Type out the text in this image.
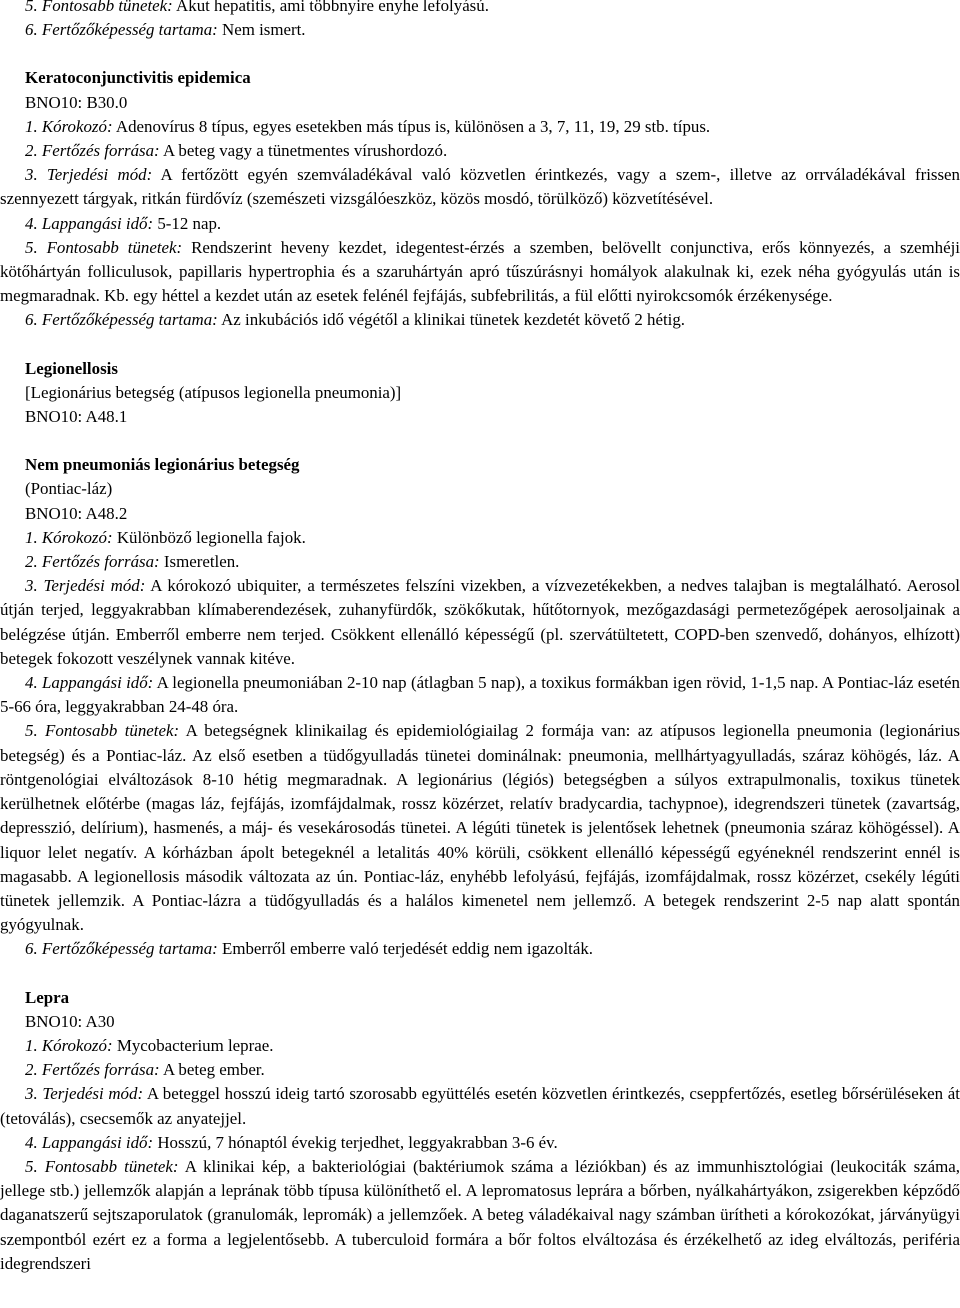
5. Fontosabb tünetek: Akut hepatitis, ami többnyire enyhe lefolyású.

6. Fertőzőképesség tartama: Nem ismert.

Keratoconjunctivitis epidemica

BNO10: B30.0

1. Kórokozó: Adenovírus 8 típus, egyes esetekben más típus is, különösen a 3, 7, 11, 19, 29 stb. típus.

2. Fertőzés forrása: A beteg vagy a tünetmentes vírushordozó.

3. Terjedési mód: A fertőzött egyén szemváladékával való közvetlen érintkezés, vagy a szem-, illetve az orrváladékával frissen szennyezett tárgyak, ritkán fürdővíz (szemészeti vizsgálóeszköz, közös mosdó, törülköző) közvetítésével.

4. Lappangási idő: 5-12 nap.

5. Fontosabb tünetek: Rendszerint heveny kezdet, idegentest-érzés a szemben, belövellt conjunctiva, erős könnyezés, a szemhéji kötőhártyán folliculusok, papillaris hypertrophia és a szaruhártyán apró tűszúrásnyi homályok alakulnak ki, ezek néha gyógyulás után is megmaradnak. Kb. egy héttel a kezdet után az esetek felénél fejfájás, subfebrilitás, a fül előtti nyirokcsomók érzékenysége.

6. Fertőzőképesség tartama: Az inkubációs idő végétől a klinikai tünetek kezdetét követő 2 hétig.

Legionellosis

[Legionárius betegség (atípusos legionella pneumonia)]

BNO10: A48.1

Nem pneumoniás legionárius betegség

(Pontiac-láz)

BNO10: A48.2

1. Kórokozó: Különböző legionella fajok.

2. Fertőzés forrása: Ismeretlen.

3. Terjedési mód: A kórokozó ubiquiter, a természetes felszíni vizekben, a vízvezetékekben, a nedves talajban is megtalálható. Aerosol útján terjed, leggyakrabban klímaberendezések, zuhanyfürdők, szökőkutak, hűtőtornyok, mezőgazdasági permetezőgépek aerosoljainak a belégzése útján. Emberről emberre nem terjed. Csökkent ellenálló képességű (pl. szervátültetett, COPD-ben szenvedő, dohányos, elhízott) betegek fokozott veszélynek vannak kitéve.

4. Lappangási idő: A legionella pneumoniában 2-10 nap (átlagban 5 nap), a toxikus formákban igen rövid, 1-1,5 nap. A Pontiac-láz esetén 5-66 óra, leggyakrabban 24-48 óra.

5. Fontosabb tünetek: A betegségnek klinikailag és epidemiológiailag 2 formája van: az atípusos legionella pneumonia (legionárius betegség) és a Pontiac-láz. Az első esetben a tüdőgyulladás tünetei dominálnak: pneumonia, mellhártyagyulladás, száraz köhögés, láz. A röntgenológiai elváltozások 8-10 hétig megmaradnak. A legionárius (légiós) betegségben a súlyos extrapulmonalis, toxikus tünetek kerülhetnek előtérbe (magas láz, fejfájás, izomfájdalmak, rossz közérzet, relatív bradycardia, tachypnoe), idegrendszeri tünetek (zavartság, depresszió, delírium), hasmenés, a máj- és vesekárosodás tünetei. A légúti tünetek is jelentősek lehetnek (pneumonia száraz köhögéssel). A liquor lelet negatív. A kórházban ápolt betegeknél a letalitás 40% körüli, csökkent ellenálló képességű egyéneknél rendszerint ennél is magasabb. A legionellosis második változata az ún. Pontiac-láz, enyhébb lefolyású, fejfájás, izomfájdalmak, rossz közérzet, csekély légúti tünetek jellemzik. A Pontiac-lázra a tüdőgyulladás és a halálos kimenetel nem jellemző. A betegek rendszerint 2-5 nap alatt spontán gyógyulnak.

6. Fertőzőképesség tartama: Emberről emberre való terjedését eddig nem igazolták.

Lepra

BNO10: A30

1. Kórokozó: Mycobacterium leprae.

2. Fertőzés forrása: A beteg ember.

3. Terjedési mód: A beteggel hosszú ideig tartó szorosabb együttélés esetén közvetlen érintkezés, cseppfertőzés, esetleg bőrsérüléseken át (tetoválás), csecsemők az anyatejjel.

4. Lappangási idő: Hosszú, 7 hónaptól évekig terjedhet, leggyakrabban 3-6 év.

5. Fontosabb tünetek: A klinikai kép, a bakteriológiai (baktériumok száma a léziókban) és az immunhisztológiai (leukociták száma, jellege stb.) jellemzők alapján a leprának több típusa különíthető el. A lepromatosus leprára a bőrben, nyálkahártyákon, zsigerekben képződő daganatszerű sejtszaporulatok (granulomák, lepromák) a jellemzőek. A beteg váladékaival nagy számban ürítheti a kórokozókat, járványügyi szempontból ezért ez a forma a legjelentősebb. A tuberculoid formára a bőr foltos elváltozása és érzékelhető az ideg elváltozás, periféria idegrendszeri
